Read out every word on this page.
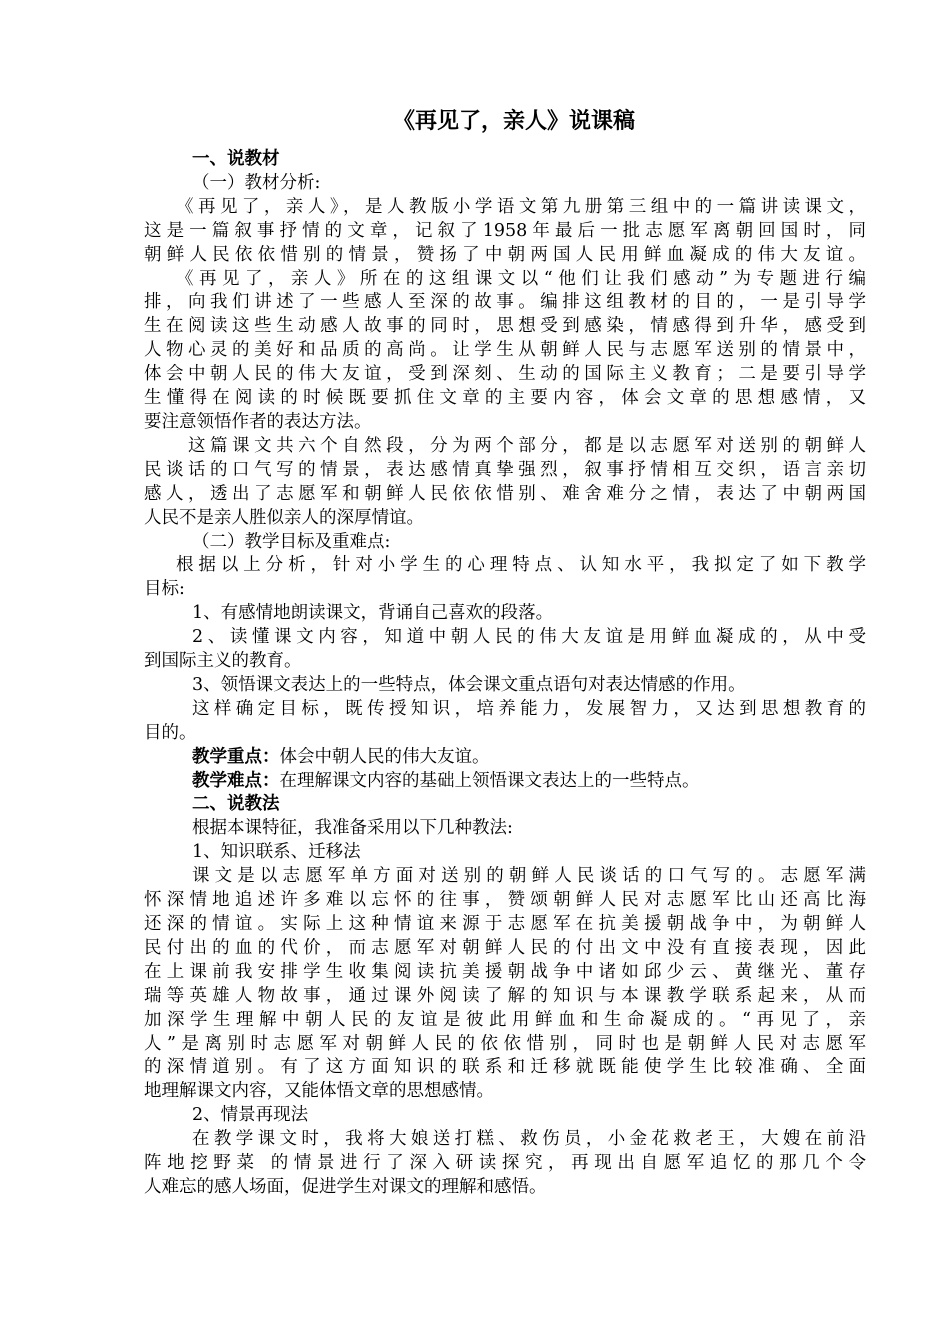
《再见了，亲人》说课稿
一、说教材
（一）教材分析:
《再见了，亲人》，是人教版小学语文第九册第三组中的一篇讲读课文，
这是一篇叙事抒情的文章，记叙了1958年最后一批志愿军离朝回国时，同
朝鲜人民依依惜别的情景，赞扬了中朝两国人民用鲜血凝成的伟大友谊。
《再见了，亲人》所在的这组课文以“他们让我们感动”为专题进行编
排，向我们讲述了一些感人至深的故事。编排这组教材的目的，一是引导学
生在阅读这些生动感人故事的同时，思想受到感染，情感得到升华，感受到
人物心灵的美好和品质的高尚。让学生从朝鲜人民与志愿军送别的情景中，
体会中朝人民的伟大友谊，受到深刻、生动的国际主义教育；二是要引导学
生懂得在阅读的时候既要抓住文章的主要内容，体会文章的思想感情，又
要注意领悟作者的表达方法。
这篇课文共六个自然段，分为两个部分，都是以志愿军对送别的朝鲜人
民谈话的口气写的情景，表达感情真挚强烈，叙事抒情相互交织，语言亲切
感人，透出了志愿军和朝鲜人民依依惜别、难舍难分之情，表达了中朝两国
人民不是亲人胜似亲人的深厚情谊。
（二）教学目标及重难点:
根据以上分析，针对小学生的心理特点、认知水平，我拟定了如下教学
目标:
1、有感情地朗读课文，背诵自己喜欢的段落。
2、读懂课文内容，知道中朝人民的伟大友谊是用鲜血凝成的，从中受
到国际主义的教育。
3、领悟课文表达上的一些特点，体会课文重点语句对表达情感的作用。
这样确定目标，既传授知识，培养能力，发展智力，又达到思想教育的
目的。
教学重点：体会中朝人民的伟大友谊。
教学难点：在理解课文内容的基础上领悟课文表达上的一些特点。
二、说教法
根据本课特征，我准备采用以下几种教法:
1、知识联系、迁移法
课文是以志愿军单方面对送别的朝鲜人民谈话的口气写的。志愿军满
怀深情地追述许多难以忘怀的往事，赞颂朝鲜人民对志愿军比山还高比海
还深的情谊。实际上这种情谊来源于志愿军在抗美援朝战争中，为朝鲜人
民付出的血的代价，而志愿军对朝鲜人民的付出文中没有直接表现，因此
在上课前我安排学生收集阅读抗美援朝战争中诸如邱少云、黄继光、董存
瑞等英雄人物故事，通过课外阅读了解的知识与本课教学联系起来，从而
加深学生理解中朝人民的友谊是彼此用鲜血和生命凝成的。“再见了，亲
人”是离别时志愿军对朝鲜人民的依依惜别，同时也是朝鲜人民对志愿军
的深情道别。有了这方面知识的联系和迁移就既能使学生比较准确、全面
地理解课文内容，又能体悟文章的思想感情。
2、情景再现法
在教学课文时，我将大娘送打糕、救伤员，小金花救老王，大嫂在前沿
阵地挖野菜 的情景进行了深入研读探究，再现出自愿军追忆的那几个令
人难忘的感人场面，促进学生对课文的理解和感悟。
